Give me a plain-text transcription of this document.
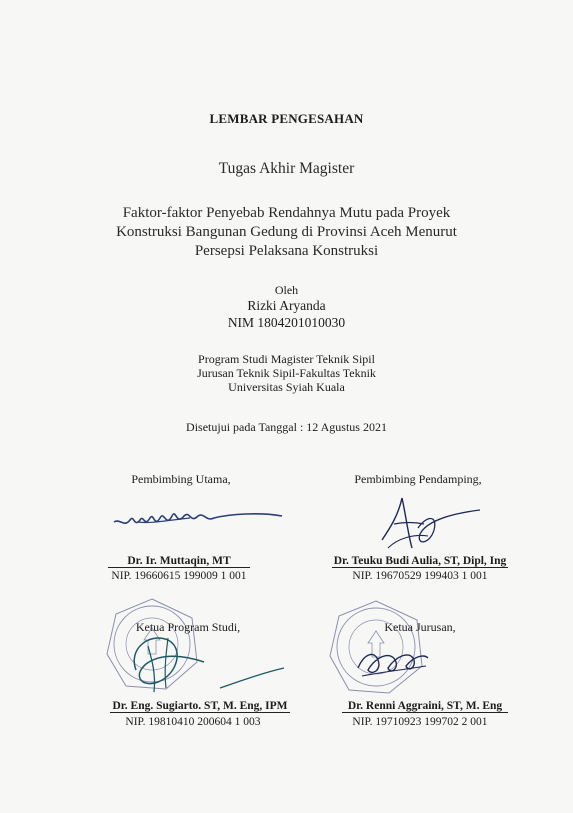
LEMBAR PENGESAHAN
Tugas Akhir Magister
Faktor-faktor Penyebab Rendahnya Mutu pada Proyek
Konstruksi Bangunan Gedung di Provinsi Aceh Menurut
Persepsi Pelaksana Konstruksi
Oleh
Rizki Aryanda
NIM 1804201010030
Program Studi Magister Teknik Sipil
Jurusan Teknik Sipil-Fakultas Teknik
Universitas Syiah Kuala
Disetujui pada Tanggal : 12 Agustus 2021
Pembimbing Utama,
Dr. Ir. Muttaqin, MT
NIP. 19660615 199009 1 001
Pembimbing Pendamping,
Dr. Teuku Budi Aulia, ST, Dipl, Ing
NIP. 19670529 199403 1 001
Ketua Program Studi,
Dr. Eng. Sugiarto. ST, M. Eng, IPM
NIP. 19810410 200604 1 003
Ketua Jurusan,
Dr. Renni Aggraini, ST, M. Eng
NIP. 19710923 199702 2 001
